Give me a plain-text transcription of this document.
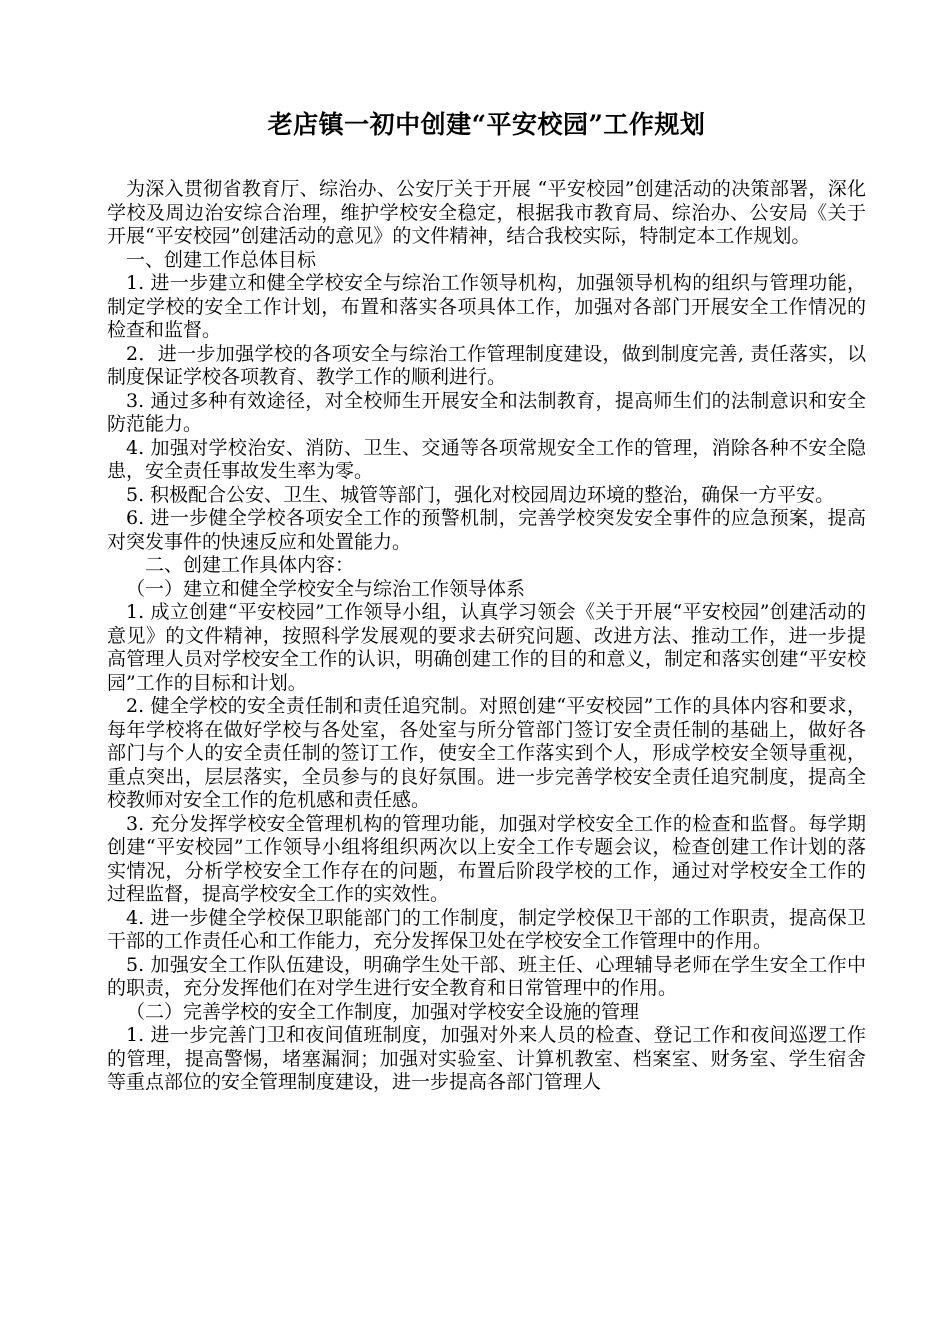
老店镇一初中创建“平安校园”工作规划

为深入贯彻省教育厅、综治办、公安厅关于开展 “平安校园”创建活动的决策部署，深化学校及周边治安综合治理，维护学校安全稳定，根据我市教育局、综治办、公安局《关于开展“平安校园”创建活动的意见》的文件精神，结合我校实际，特制定本工作规划。

一、创建工作总体目标

1. 进一步建立和健全学校安全与综治工作领导机构，加强领导机构的组织与管理功能，制定学校的安全工作计划，布置和落实各项具体工作，加强对各部门开展安全工作情况的检查和监督。

2．进一步加强学校的各项安全与综治工作管理制度建设，做到制度完善, 责任落实，以制度保证学校各项教育、教学工作的顺利进行。

3. 通过多种有效途径，对全校师生开展安全和法制教育，提高师生们的法制意识和安全防范能力。

4. 加强对学校治安、消防、卫生、交通等各项常规安全工作的管理，消除各种不安全隐患，安全责任事故发生率为零。

5. 积极配合公安、卫生、城管等部门，强化对校园周边环境的整治，确保一方平安。

6. 进一步健全学校各项安全工作的预警机制，完善学校突发安全事件的应急预案，提高对突发事件的快速反应和处置能力。

二、创建工作具体内容：

（一）建立和健全学校安全与综治工作领导体系

1. 成立创建“平安校园”工作领导小组，认真学习领会《关于开展“平安校园”创建活动的意见》的文件精神，按照科学发展观的要求去研究问题、改进方法、推动工作，进一步提高管理人员对学校安全工作的认识，明确创建工作的目的和意义，制定和落实创建“平安校园”工作的目标和计划。

2. 健全学校的安全责任制和责任追究制。对照创建“平安校园”工作的具体内容和要求，每年学校将在做好学校与各处室，各处室与所分管部门签订安全责任制的基础上，做好各部门与个人的安全责任制的签订工作，使安全工作落实到个人，形成学校安全领导重视，重点突出，层层落实，全员参与的良好氛围。进一步完善学校安全责任追究制度，提高全校教师对安全工作的危机感和责任感。

3. 充分发挥学校安全管理机构的管理功能，加强对学校安全工作的检查和监督。每学期创建“平安校园”工作领导小组将组织两次以上安全工作专题会议，检查创建工作计划的落实情况，分析学校安全工作存在的问题，布置后阶段学校的工作，通过对学校安全工作的过程监督，提高学校安全工作的实效性。

4. 进一步健全学校保卫职能部门的工作制度，制定学校保卫干部的工作职责，提高保卫干部的工作责任心和工作能力，充分发挥保卫处在学校安全工作管理中的作用。

5. 加强安全工作队伍建设，明确学生处干部、班主任、心理辅导老师在学生安全工作中的职责，充分发挥他们在对学生进行安全教育和日常管理中的作用。

（二）完善学校的安全工作制度，加强对学校安全设施的管理

1. 进一步完善门卫和夜间值班制度，加强对外来人员的检查、登记工作和夜间巡逻工作的管理，提高警惕，堵塞漏洞；加强对实验室、计算机教室、档案室、财务室、学生宿舍等重点部位的安全管理制度建设，进一步提高各部门管理人
